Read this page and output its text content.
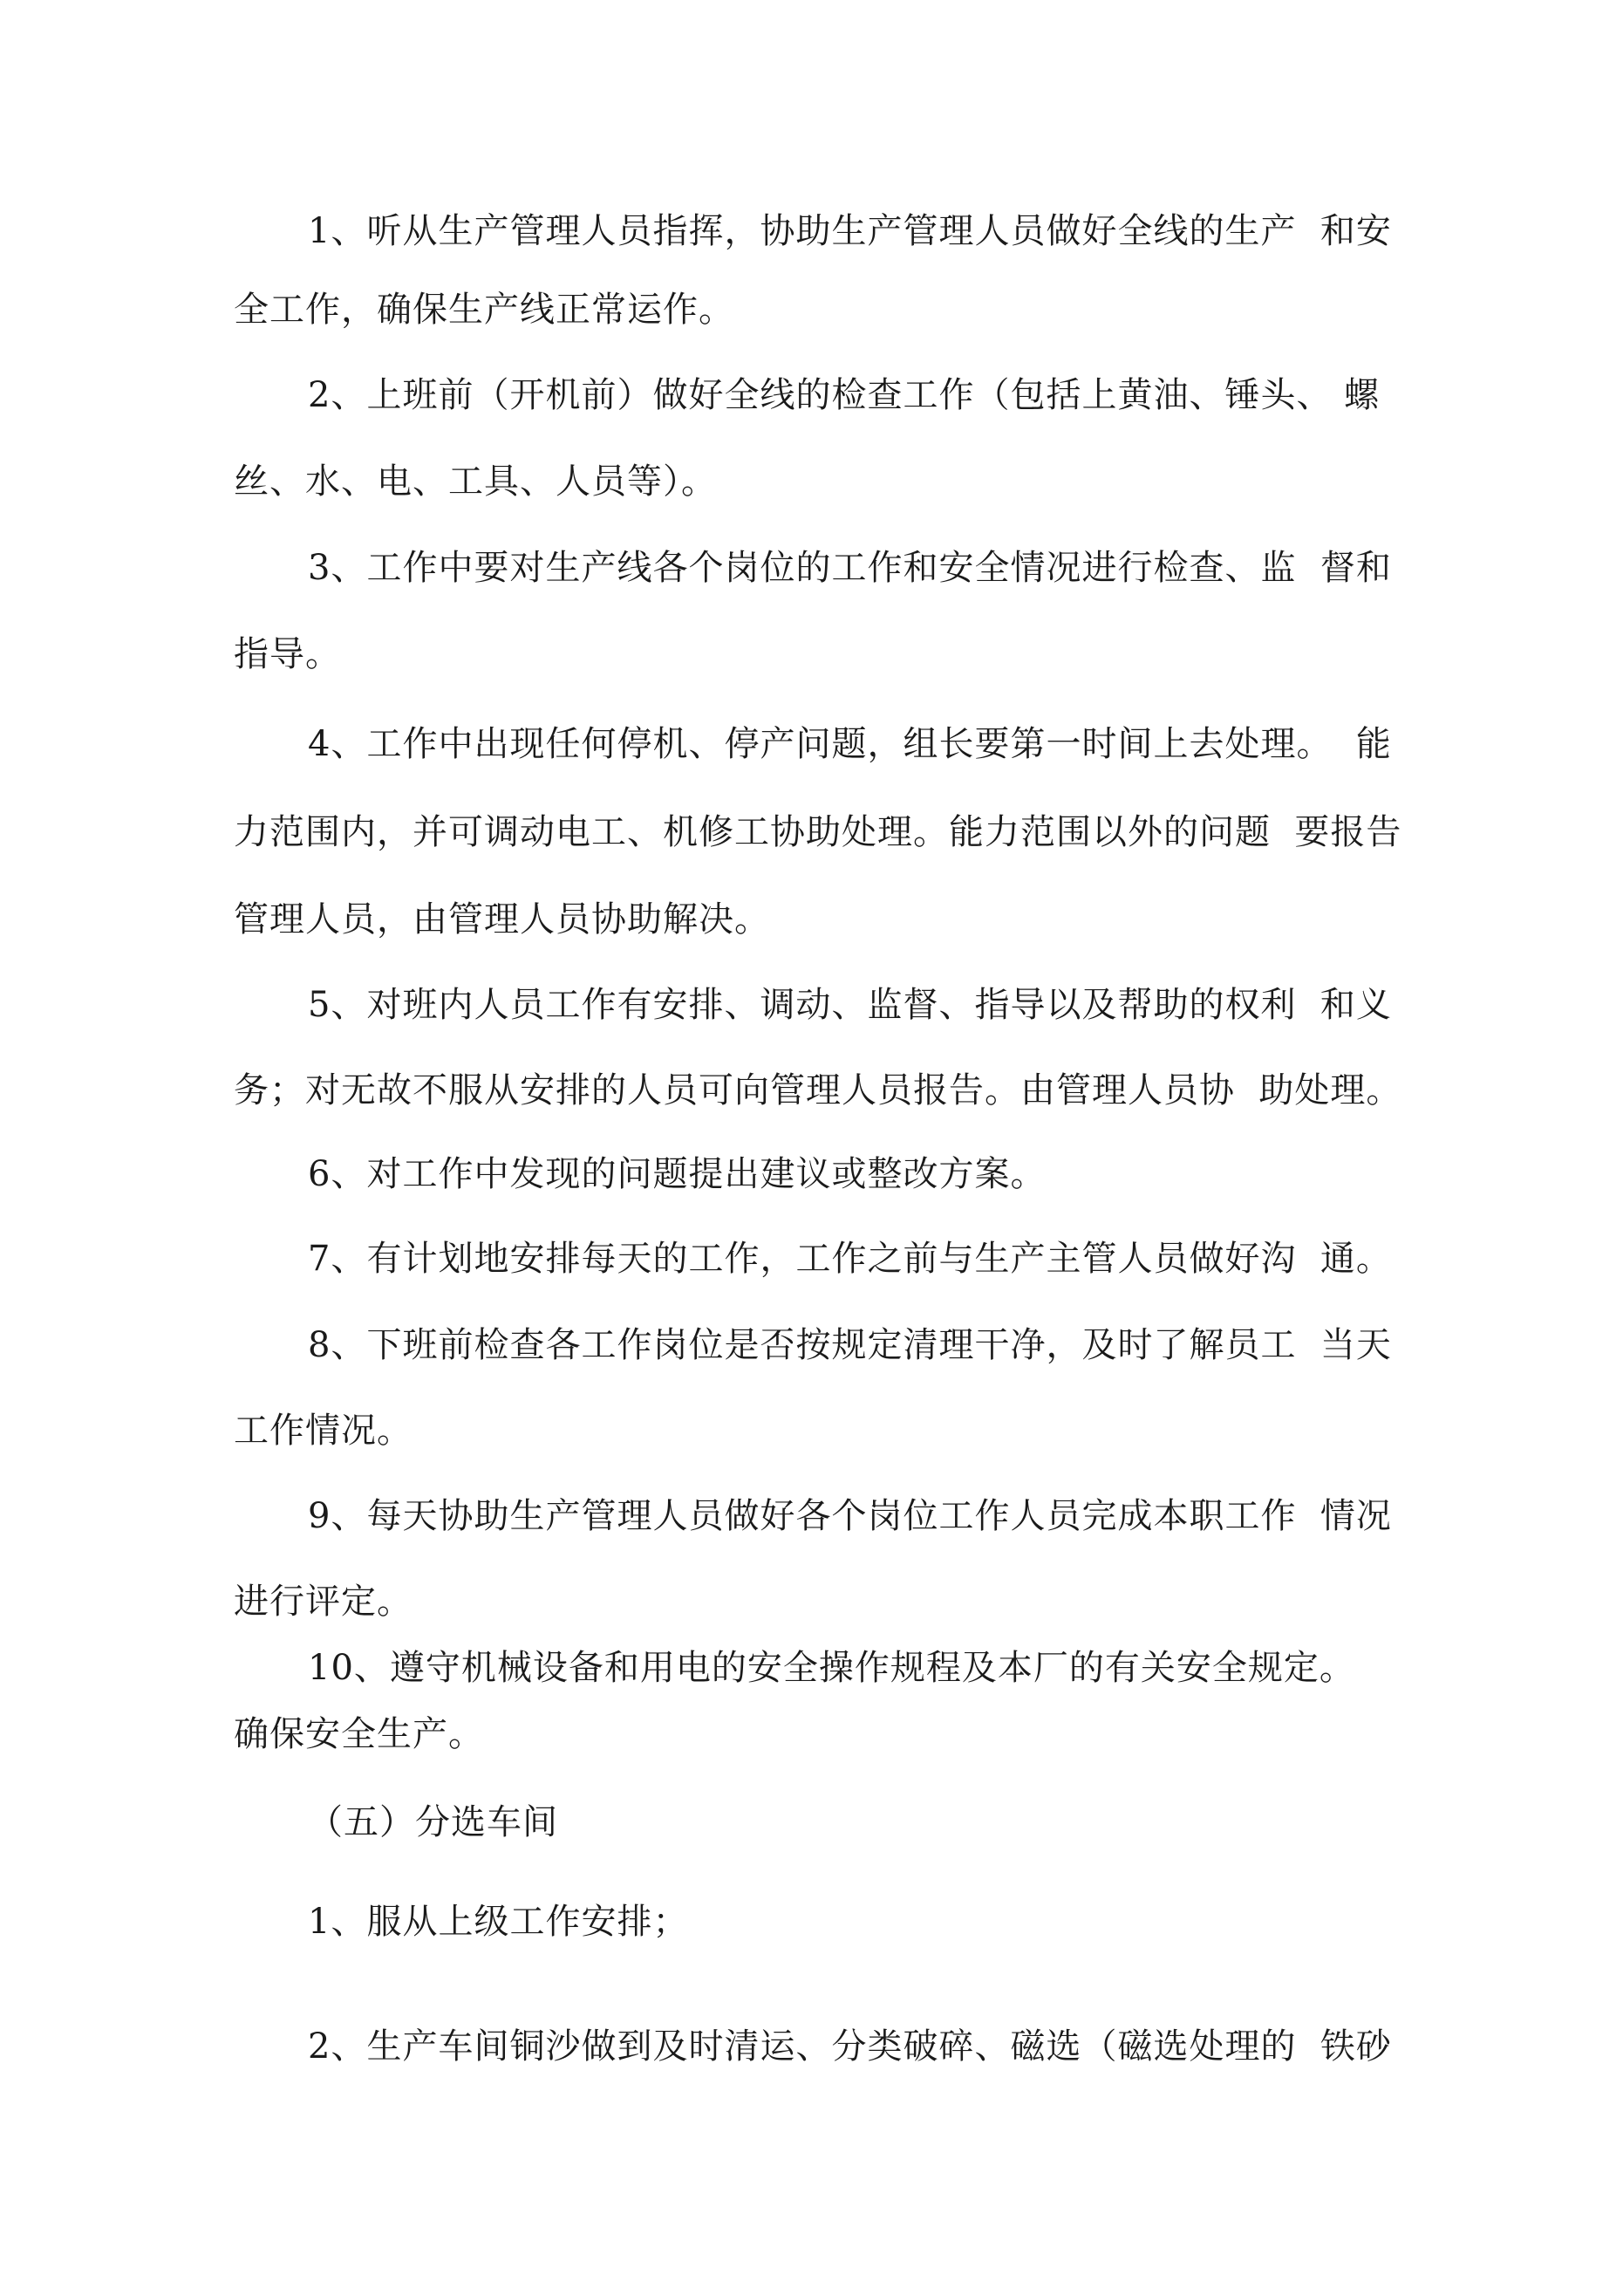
1、听从生产管理人员指挥，协助生产管理人员做好全线的生产  和安
全工作，确保生产线正常运作。
2、上班前（开机前）做好全线的检查工作（包括上黄油、锤头、 螺
丝、水、电、工具、人员等）。
3、工作中要对生产线各个岗位的工作和安全情况进行检查、监  督和
指导。
4、工作中出现任何停机、停产问题，组长要第一时间上去处理。  能
力范围内，并可调动电工、机修工协助处理。能力范围以外的问题  要报告
管理人员，由管理人员协助解决。
5、对班内人员工作有安排、调动、监督、指导以及帮助的权利  和义
务；对无故不服从安排的人员可向管理人员报告。由管理人员协  助处理。
6、对工作中发现的问题提出建议或整改方案。
7、有计划地安排每天的工作，工作之前与生产主管人员做好沟  通。
8、下班前检查各工作岗位是否按规定清理干净，及时了解员工  当天
工作情况。
9、每天协助生产管理人员做好各个岗位工作人员完成本职工作  情况
进行评定。
10、遵守机械设备和用电的安全操作规程及本厂的有关安全规定。
确保安全生产。
（五）分选车间
1、服从上级工作安排；
2、生产车间铜沙做到及时清运、分类破碎、磁选（磁选处理的  铁砂
